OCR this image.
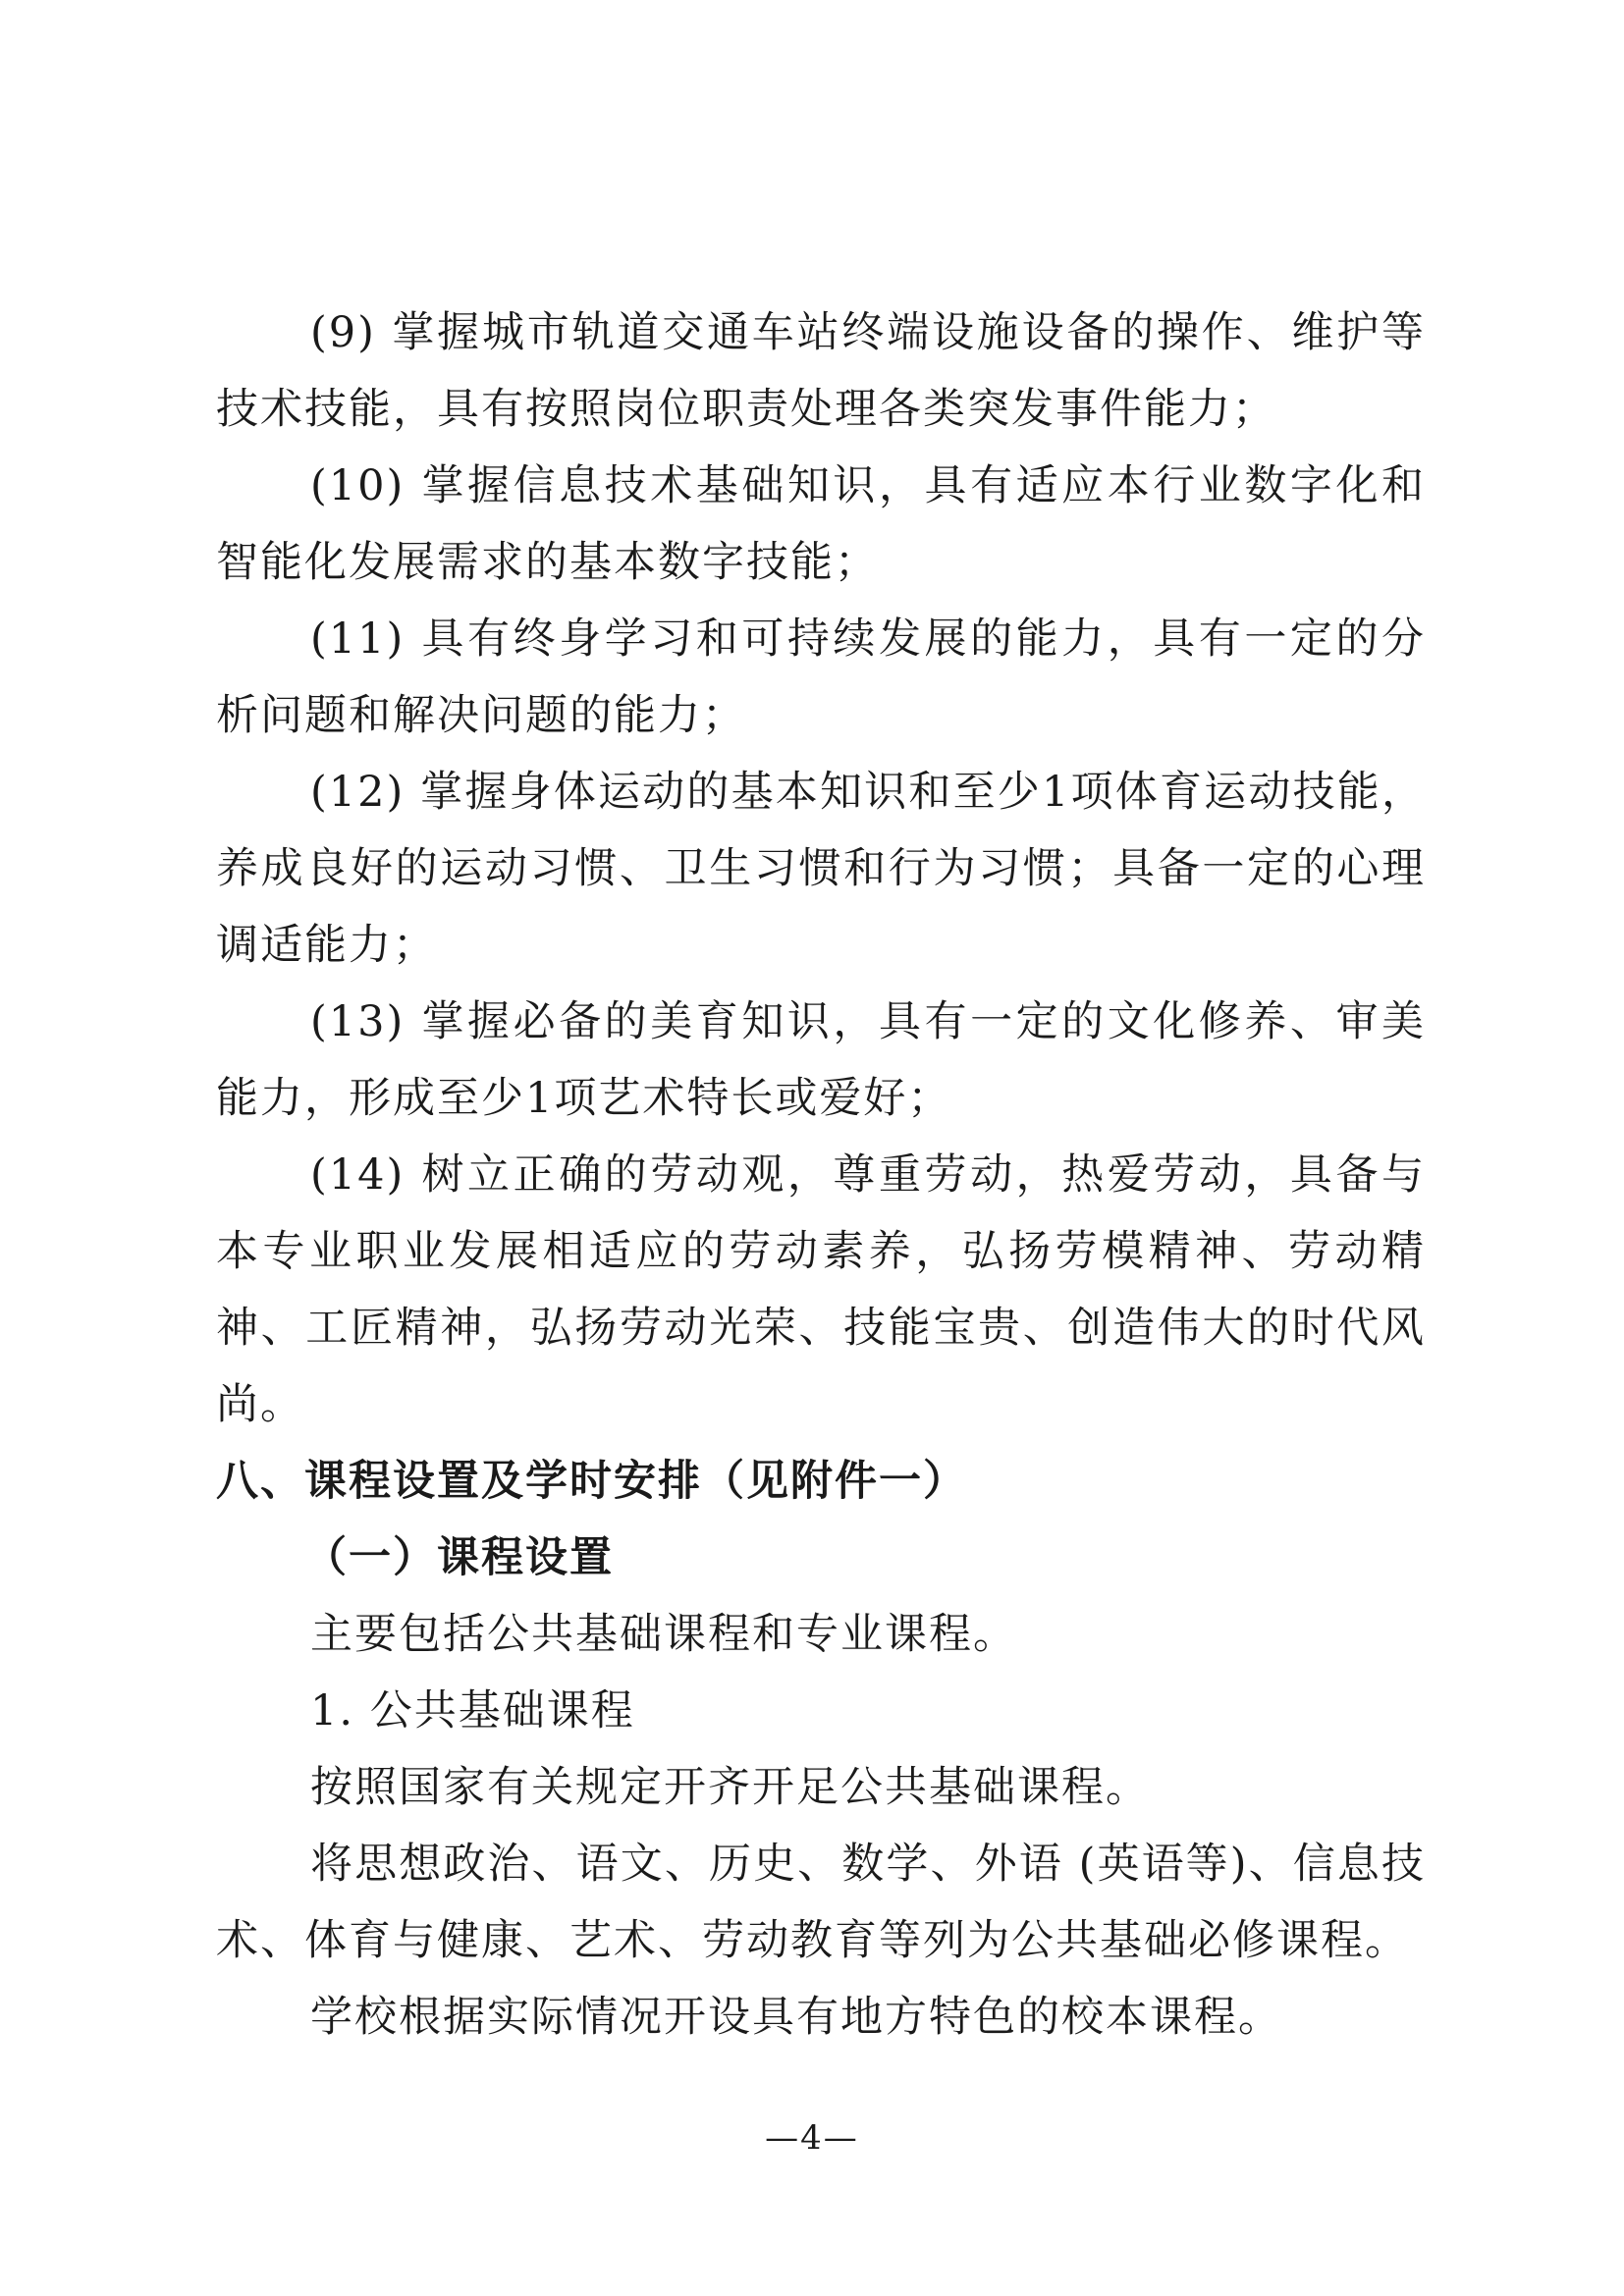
(9) 掌握城市轨道交通车站终端设施设备的操作、维护等技术技能，具有按照岗位职责处理各类突发事件能力；

(10) 掌握信息技术基础知识，具有适应本行业数字化和智能化发展需求的基本数字技能；

(11) 具有终身学习和可持续发展的能力，具有一定的分析问题和解决问题的能力；

(12) 掌握身体运动的基本知识和至少1项体育运动技能，养成良好的运动习惯、卫生习惯和行为习惯；具备一定的心理调适能力；

(13) 掌握必备的美育知识，具有一定的文化修养、审美能力，形成至少1项艺术特长或爱好；

(14) 树立正确的劳动观，尊重劳动，热爱劳动，具备与本专业职业发展相适应的劳动素养，弘扬劳模精神、劳动精神、工匠精神，弘扬劳动光荣、技能宝贵、创造伟大的时代风尚。

八、课程设置及学时安排（见附件一）

（一）课程设置

主要包括公共基础课程和专业课程。

1. 公共基础课程

按照国家有关规定开齐开足公共基础课程。

将思想政治、语文、历史、数学、外语 (英语等)、信息技术、体育与健康、艺术、劳动教育等列为公共基础必修课程。

学校根据实际情况开设具有地方特色的校本课程。

—4—
